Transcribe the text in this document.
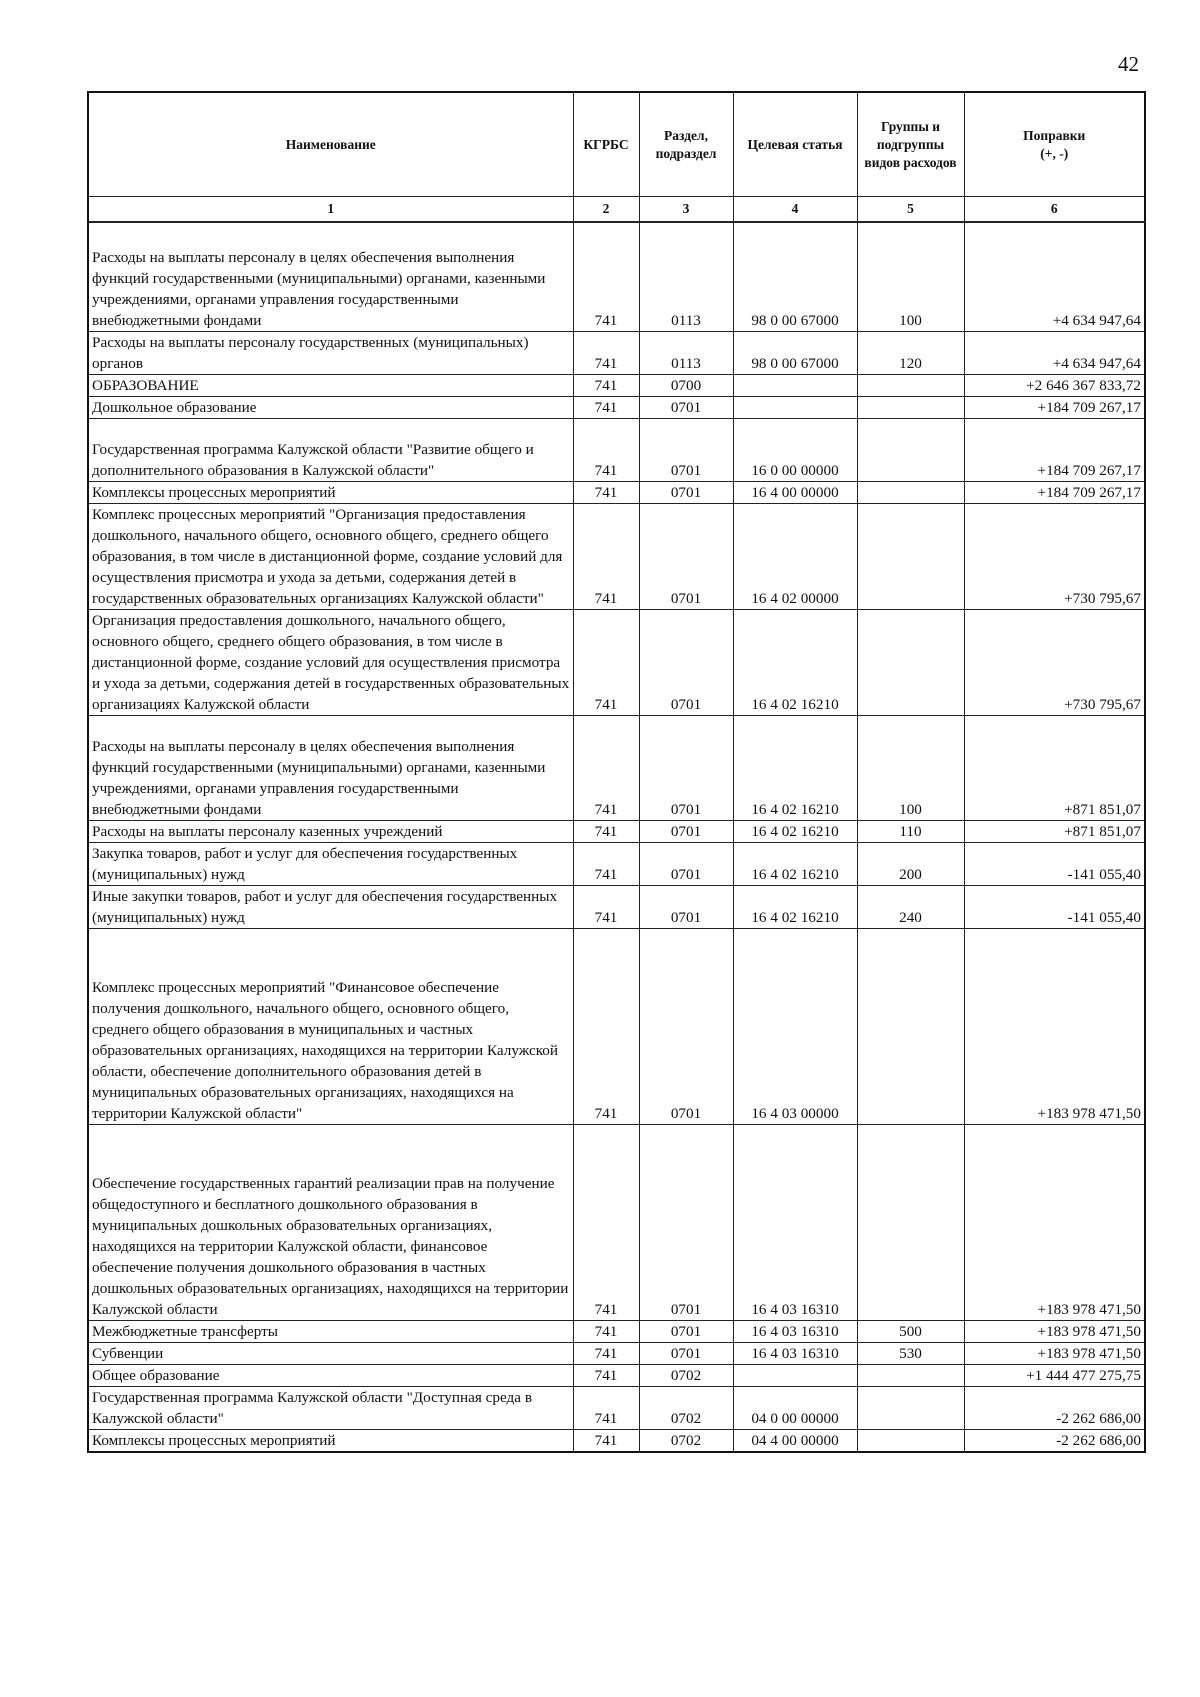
42
Наименование	КГРБС	Раздел, подраздел	Целевая статья	Группы и подгруппы видов расходов	Поправки
(+, -)

1	2	3	4	5	6
Расходы на выплаты персоналу в целях обеспечения выполнения функций государственными (муниципальными) органами, казенными учреждениями, органами управления государственными внебюджетными фондами	741	0113	98 0 00 67000	100	+4 634 947,64
Расходы на выплаты персоналу государственных (муниципальных) органов	741	0113	98 0 00 67000	120	+4 634 947,64
ОБРАЗОВАНИЕ	741	0700			+2 646 367 833,72
Дошкольное образование	741	0701			+184 709 267,17
Государственная программа Калужской области "Развитие общего и дополнительного образования в Калужской области"	741	0701	16 0 00 00000		+184 709 267,17
Комплексы процессных мероприятий	741	0701	16 4 00 00000		+184 709 267,17
Комплекс процессных мероприятий "Организация предоставления дошкольного, начального общего, основного общего, среднего общего образования, в том числе в дистанционной форме, создание условий для осуществления присмотра и ухода за детьми, содержания детей в государственных образовательных организациях Калужской области"	741	0701	16 4 02 00000		+730 795,67
Организация предоставления дошкольного, начального общего, основного общего, среднего общего образования, в том числе в дистанционной форме, создание условий для осуществления присмотра и ухода за детьми, содержания детей в государственных образовательных организациях Калужской области	741	0701	16 4 02 16210		+730 795,67
Расходы на выплаты персоналу в целях обеспечения выполнения функций государственными (муниципальными) органами, казенными учреждениями, органами управления государственными внебюджетными фондами	741	0701	16 4 02 16210	100	+871 851,07
Расходы на выплаты персоналу казенных учреждений	741	0701	16 4 02 16210	110	+871 851,07
Закупка товаров, работ и услуг для обеспечения государственных (муниципальных) нужд	741	0701	16 4 02 16210	200	-141 055,40
Иные закупки товаров, работ и услуг для обеспечения государственных (муниципальных) нужд	741	0701	16 4 02 16210	240	-141 055,40
Комплекс процессных мероприятий "Финансовое обеспечение получения дошкольного, начального общего, основного общего, среднего общего образования в муниципальных и частных образовательных организациях, находящихся на территории Калужской области, обеспечение дополнительного образования детей в муниципальных образовательных организациях, находящихся на территории Калужской области"	741	0701	16 4 03 00000		+183 978 471,50
Обеспечение государственных гарантий реализации прав на получение общедоступного и бесплатного дошкольного образования в муниципальных дошкольных образовательных организациях, находящихся на территории Калужской области, финансовое обеспечение получения дошкольного образования в частных дошкольных образовательных организациях, находящихся на территории Калужской области	741	0701	16 4 03 16310		+183 978 471,50
Межбюджетные трансферты	741	0701	16 4 03 16310	500	+183 978 471,50
Субвенции	741	0701	16 4 03 16310	530	+183 978 471,50
Общее образование	741	0702			+1 444 477 275,75
Государственная программа Калужской области "Доступная среда в Калужской области"	741	0702	04 0 00 00000		-2 262 686,00
Комплексы процессных мероприятий	741	0702	04 4 00 00000		-2 262 686,00
